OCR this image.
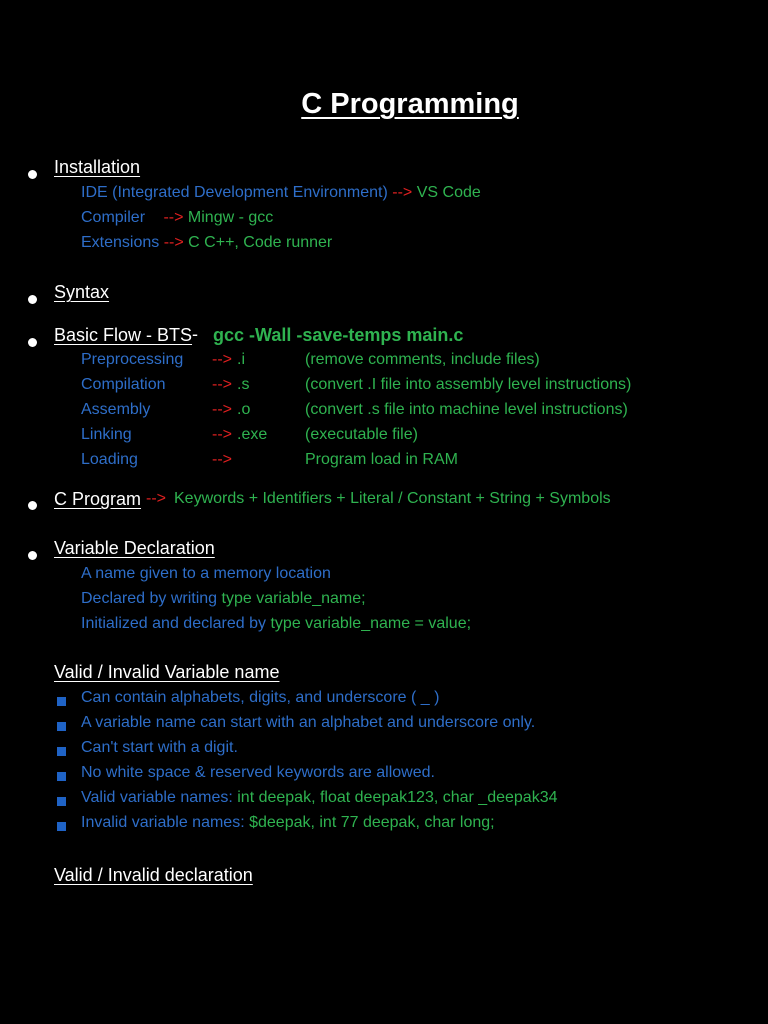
C Programming
Installation
IDE (Integrated Development Environment) --> VS Code
Compiler --> Mingw - gcc
Extensions --> C C++, Code runner
Syntax
Basic Flow - BTS - gcc -Wall -save-temps main.c
Preprocessing --> .i	(remove comments, include files)
Compilation	--> .s	(convert .I file into assembly level instructions)
Assembly	--> .o	(convert .s file into machine level instructions)
Linking	--> .exe (executable file)
Loading	-->	Program load in RAM
C Program --> Keywords + Identifiers + Literal / Constant + String + Symbols
Variable Declaration
A name given to a memory location
Declared by writing type variable_name;
Initialized and declared by type variable_name = value;
Valid / Invalid Variable name
Can contain alphabets, digits, and underscore ( _ )
A variable name can start with an alphabet and underscore only.
Can't start with a digit.
No white space & reserved keywords are allowed.
Valid variable names: int deepak, float deepak123, char _deepak34
Invalid variable names: $deepak, int 77 deepak, char long;
Valid / Invalid declaration
